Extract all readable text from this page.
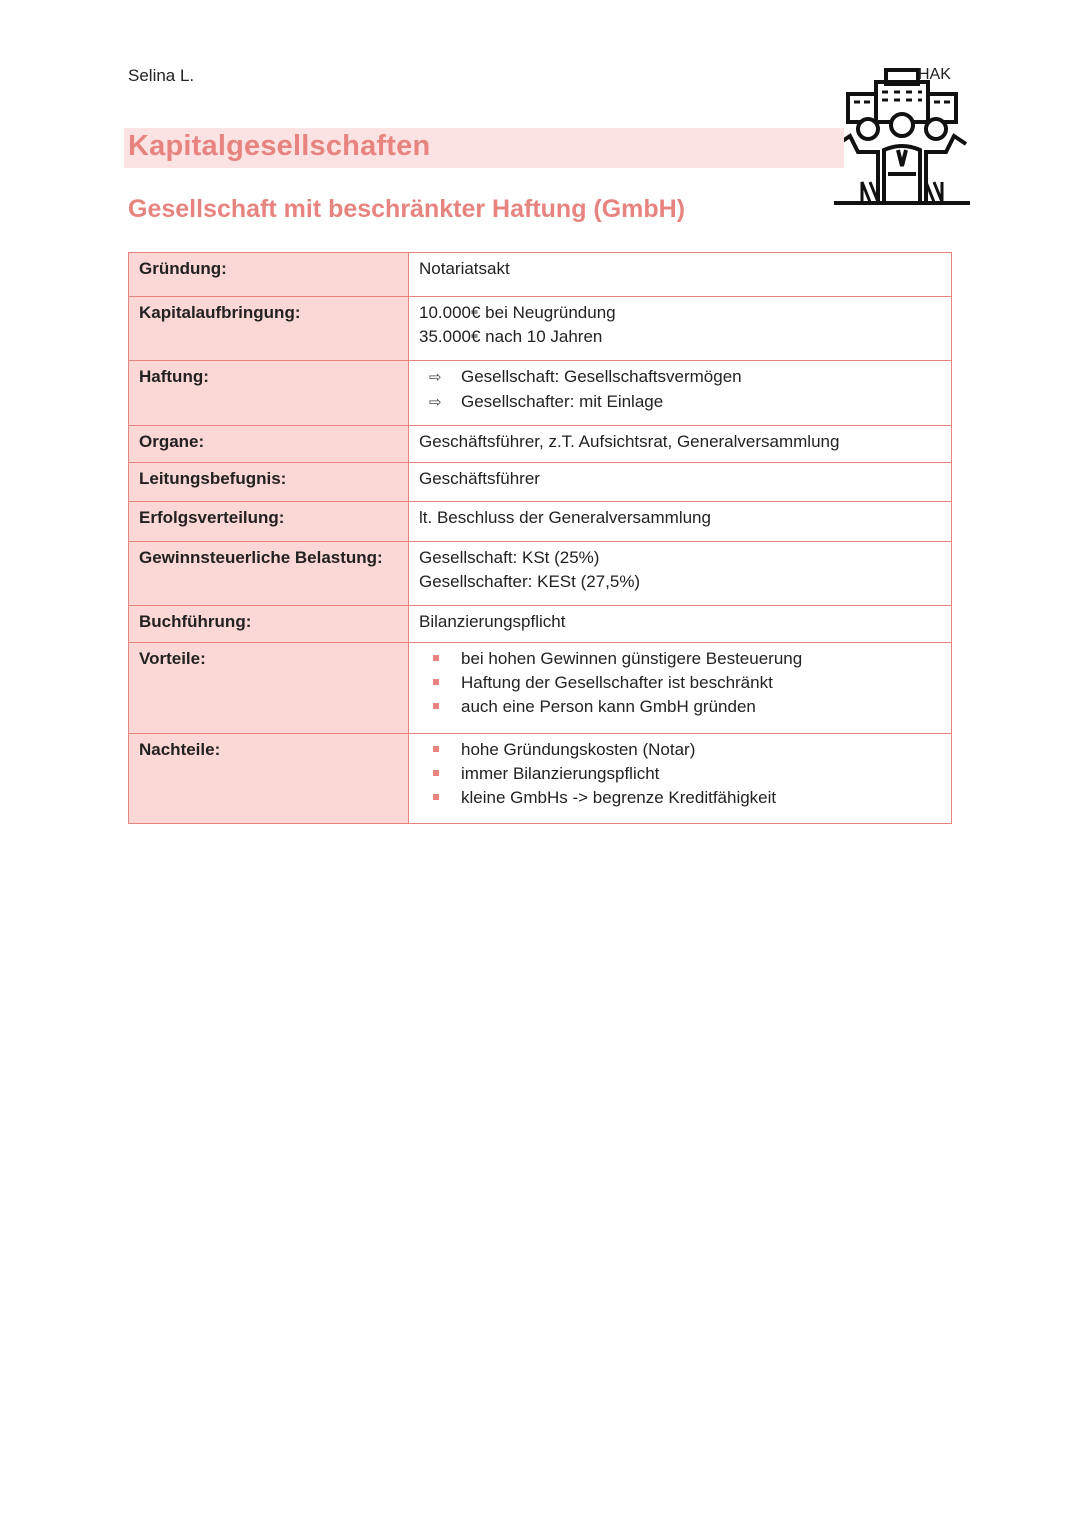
Selina L.	HAK
Kapitalgesellschaften
Gesellschaft mit beschränkter Haftung (GmbH)
Gründung:	Notariatsakt

Kapitalaufbringung:	10.000€ bei Neugründung
35.000€ nach 10 Jahren

Haftung:	⇨ Gesellschaft: Gesellschaftsvermögen
⇨ Gesellschafter: mit Einlage

Organe:	Geschäftsführer, z.T. Aufsichtsrat, Generalversammlung

Leitungsbefugnis:	Geschäftsführer

Erfolgsverteilung:	lt. Beschluss der Generalversammlung

Gewinnsteuerliche Belastung:	Gesellschaft: KSt (25%)
Gesellschafter: KESt (27,5%)

Buchführung:	Bilanzierungspflicht

Vorteile:	bei hohen Gewinnen günstigere Besteuerung
Haftung der Gesellschafter ist beschränkt
auch eine Person kann GmbH gründen

Nachteile:	hohe Gründungskosten (Notar)
immer Bilanzierungspflicht
kleine GmbHs -> begrenze Kreditfähigkeit
